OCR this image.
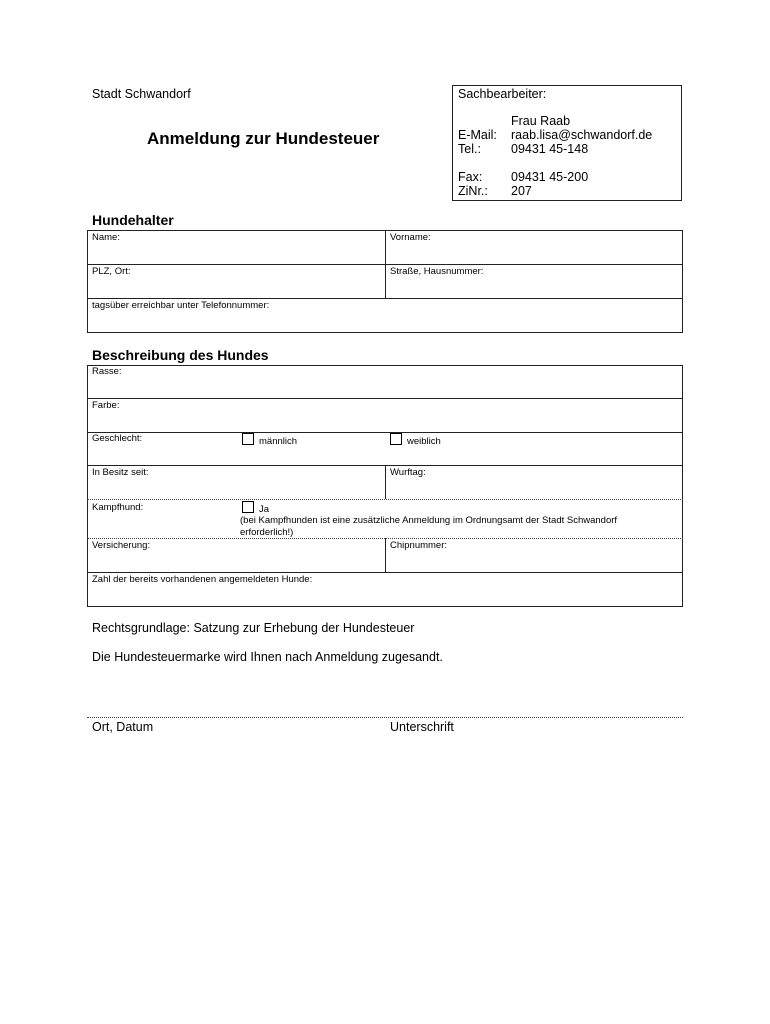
Stadt Schwandorf
Anmeldung zur Hundesteuer
Sachbearbeiter:
Frau Raab
E-Mail: raab.lisa@schwandorf.de
Tel.: 09431 45-148
Fax: 09431 45-200
ZiNr.: 207
Hundehalter
Name:	Vorname:
PLZ, Ort:	Straße, Hausnummer:
tagsüber erreichbar unter Telefonnummer:
Beschreibung des Hundes
Rasse:
Farbe:
Geschlecht:	männlich	weiblich
In Besitz seit:	Wurftag:
Kampfhund:	Ja
(bei Kampfhunden ist eine zusätzliche Anmeldung im Ordnungsamt der Stadt Schwandorf erforderlich!)
Versicherung:	Chipnummer:
Zahl der bereits vorhandenen angemeldeten Hunde:
Rechtsgrundlage: Satzung zur Erhebung der Hundesteuer
Die Hundesteuermarke wird Ihnen nach Anmeldung zugesandt.
Ort, Datum	Unterschrift
